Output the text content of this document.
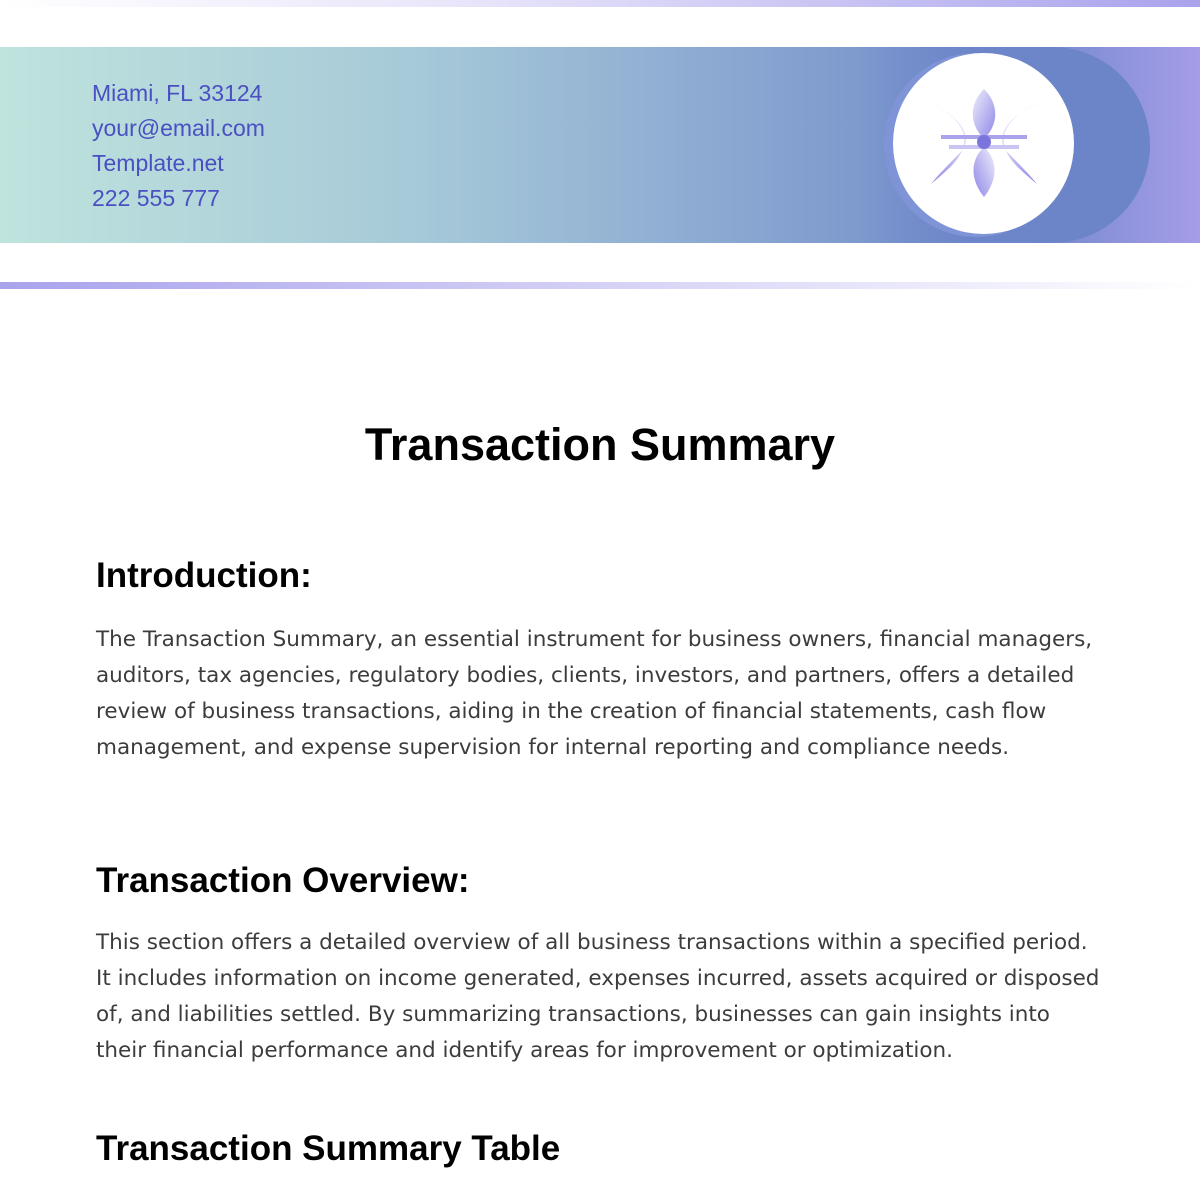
Miami, FL 33124
your@email.com
Template.net
222 555 777
Transaction Summary
Introduction:

The Transaction Summary, an essential instrument for business owners, financial managers, auditors, tax agencies, regulatory bodies, clients, investors, and partners, offers a detailed review of business transactions, aiding in the creation of financial statements, cash flow management, and expense supervision for internal reporting and compliance needs.

Transaction Overview:

This section offers a detailed overview of all business transactions within a specified period. It includes information on income generated, expenses incurred, assets acquired or disposed of, and liabilities settled. By summarizing transactions, businesses can gain insights into their financial performance and identify areas for improvement or optimization.

Transaction Summary Table
